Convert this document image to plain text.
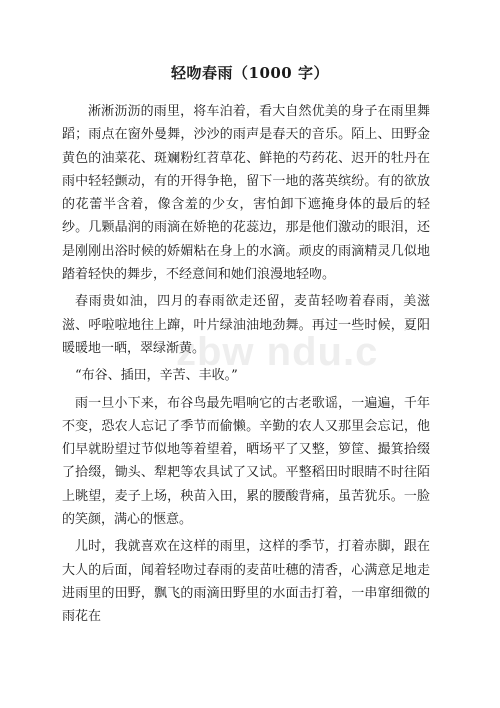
轻吻春雨（1000 字）
zbw ndu.c

淅淅沥沥的雨里，将车泊着，看大自然优美的身子在雨里舞蹈；雨点在窗外曼舞，沙沙的雨声是春天的音乐。陌上、田野金黄色的油菜花、斑斓粉红苕草花、鲜艳的芍药花、迟开的牡丹在雨中轻轻颤动，有的开得争艳，留下一地的落英缤纷。有的欲放的花蕾半含着，像含羞的少女，害怕卸下遮掩身体的最后的轻纱。几颗晶润的雨滴在娇艳的花蕊边，那是他们激动的眼泪，还是刚刚出浴时候的娇媚粘在身上的水滴。顽皮的雨滴精灵几似地踏着轻快的舞步，不经意间和她们浪漫地轻吻。

春雨贵如油，四月的春雨欲走还留，麦苗轻吻着春雨，美滋滋、呼啦啦地往上蹿，叶片绿油油地劲舞。再过一些时候，夏阳暖暖地一晒，翠绿渐黄。

“布谷、插田，辛苦、丰收。”

雨一旦小下来，布谷鸟最先唱响它的古老歌谣，一遍遍，千年不变，恐农人忘记了季节而偷懒。辛勤的农人又那里会忘记，他们早就盼望过节似地等着望着，晒场平了又整，箩筐、撮箕拾缀了拾缀，锄头、犁耙等农具试了又试。平整稻田时眼睛不时往陌上眺望，麦子上场，秧苗入田，累的腰酸背痛，虽苦犹乐。一脸的笑颜，满心的惬意。

儿时，我就喜欢在这样的雨里，这样的季节，打着赤脚，跟在大人的后面，闻着轻吻过春雨的麦苗吐穗的清香，心满意足地走进雨里的田野，飘飞的雨滴田野里的水面击打着，一串窜细微的雨花在
